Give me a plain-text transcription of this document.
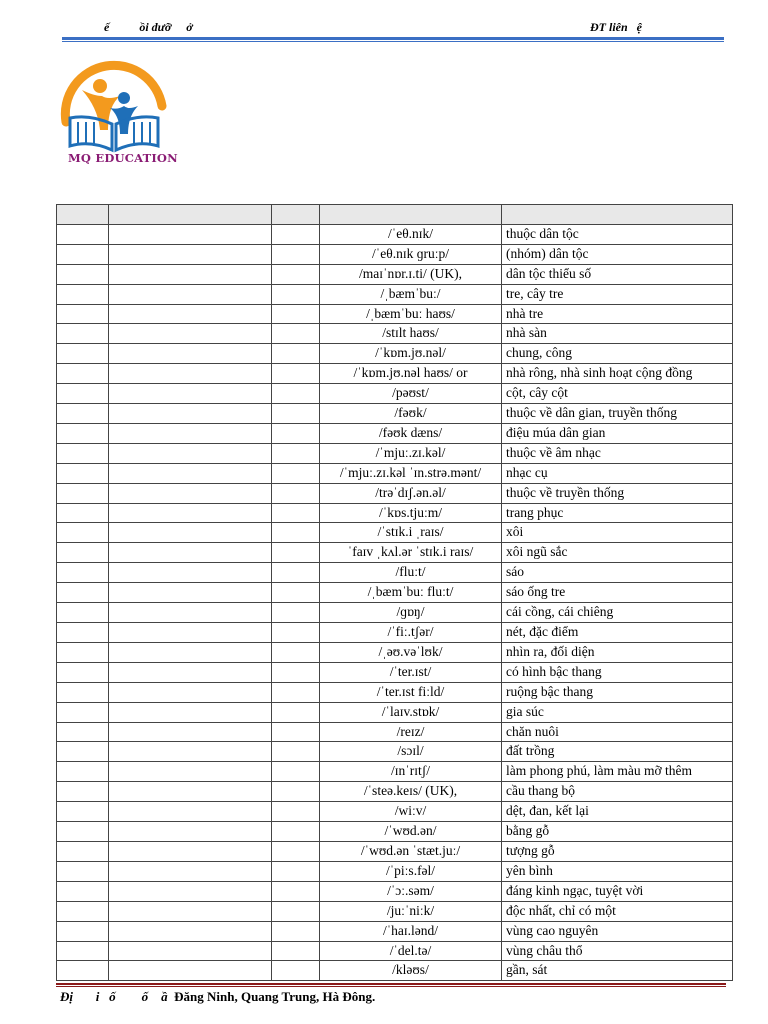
ế          ồi dưỡ     ở	ĐT liên   ệ
MQ EDUCATION

			/ˈeθ.nɪk/	thuộc dân tộc
			/ˈeθ.nɪk ɡruːp/	(nhóm) dân tộc
			/maɪˈnɒr.ɪ.ti/ (UK),	dân tộc thiểu số
			/ˌbæmˈbuː/	tre, cây tre
			/ˌbæmˈbuː haʊs/	nhà tre
			/stɪlt haʊs/	nhà sàn
			/ˈkɒm.jʊ.nəl/	chung, công
			/ˈkɒm.jʊ.nəl haʊs/ or	nhà rông, nhà sinh hoạt cộng đồng
			/pəʊst/	cột, cây cột
			/fəʊk/	thuộc về dân gian, truyền thống
			/fəʊk dæns/	điệu múa dân gian
			/ˈmjuː.zɪ.kəl/	thuộc về âm nhạc
			/ˈmjuː.zɪ.kəl ˈɪn.strə.mənt/	nhạc cụ
			/trəˈdɪʃ.ən.əl/	thuộc về truyền thống
			/ˈkɒs.tjuːm/	trang phục
			/ˈstɪk.i ˌraɪs/	xôi
			ˈfaɪv ˌkʌl.ər ˈstɪk.i raɪs/	xôi ngũ sắc
			/fluːt/	sáo
			/ˌbæmˈbuː fluːt/	sáo ống tre
			/ɡɒŋ/	cái cồng, cái chiêng
			/ˈfiː.tʃər/	nét, đặc điểm
			/ˌəʊ.vəˈlʊk/	nhìn ra, đối diện
			/ˈter.ɪst/	có hình bậc thang
			/ˈter.ɪst fiːld/	ruộng bậc thang
			/ˈlaɪv.stɒk/	gia súc
			/reɪz/	chăn nuôi
			/sɔɪl/	đất trồng
			/ɪnˈrɪtʃ/	làm phong phú, làm màu mỡ thêm
			/ˈsteə.keɪs/ (UK),	cầu thang bộ
			/wiːv/	dệt, đan, kết lại
			/ˈwʊd.ən/	bằng gỗ
			/ˈwʊd.ən ˈstæt.juː/	tượng gỗ
			/ˈpiːs.fəl/	yên bình
			/ˈɔː.səm/	đáng kinh ngạc, tuyệt vời
			/juːˈniːk/	độc nhất, chỉ có một
			/ˈhaɪ.lənd/	vùng cao nguyên
			/ˈdel.tə/	vùng châu thổ
			/kləʊs/	gần, sát
Đị       i   ố        ố    ầ  Đăng Ninh, Quang Trung, Hà Đông.
